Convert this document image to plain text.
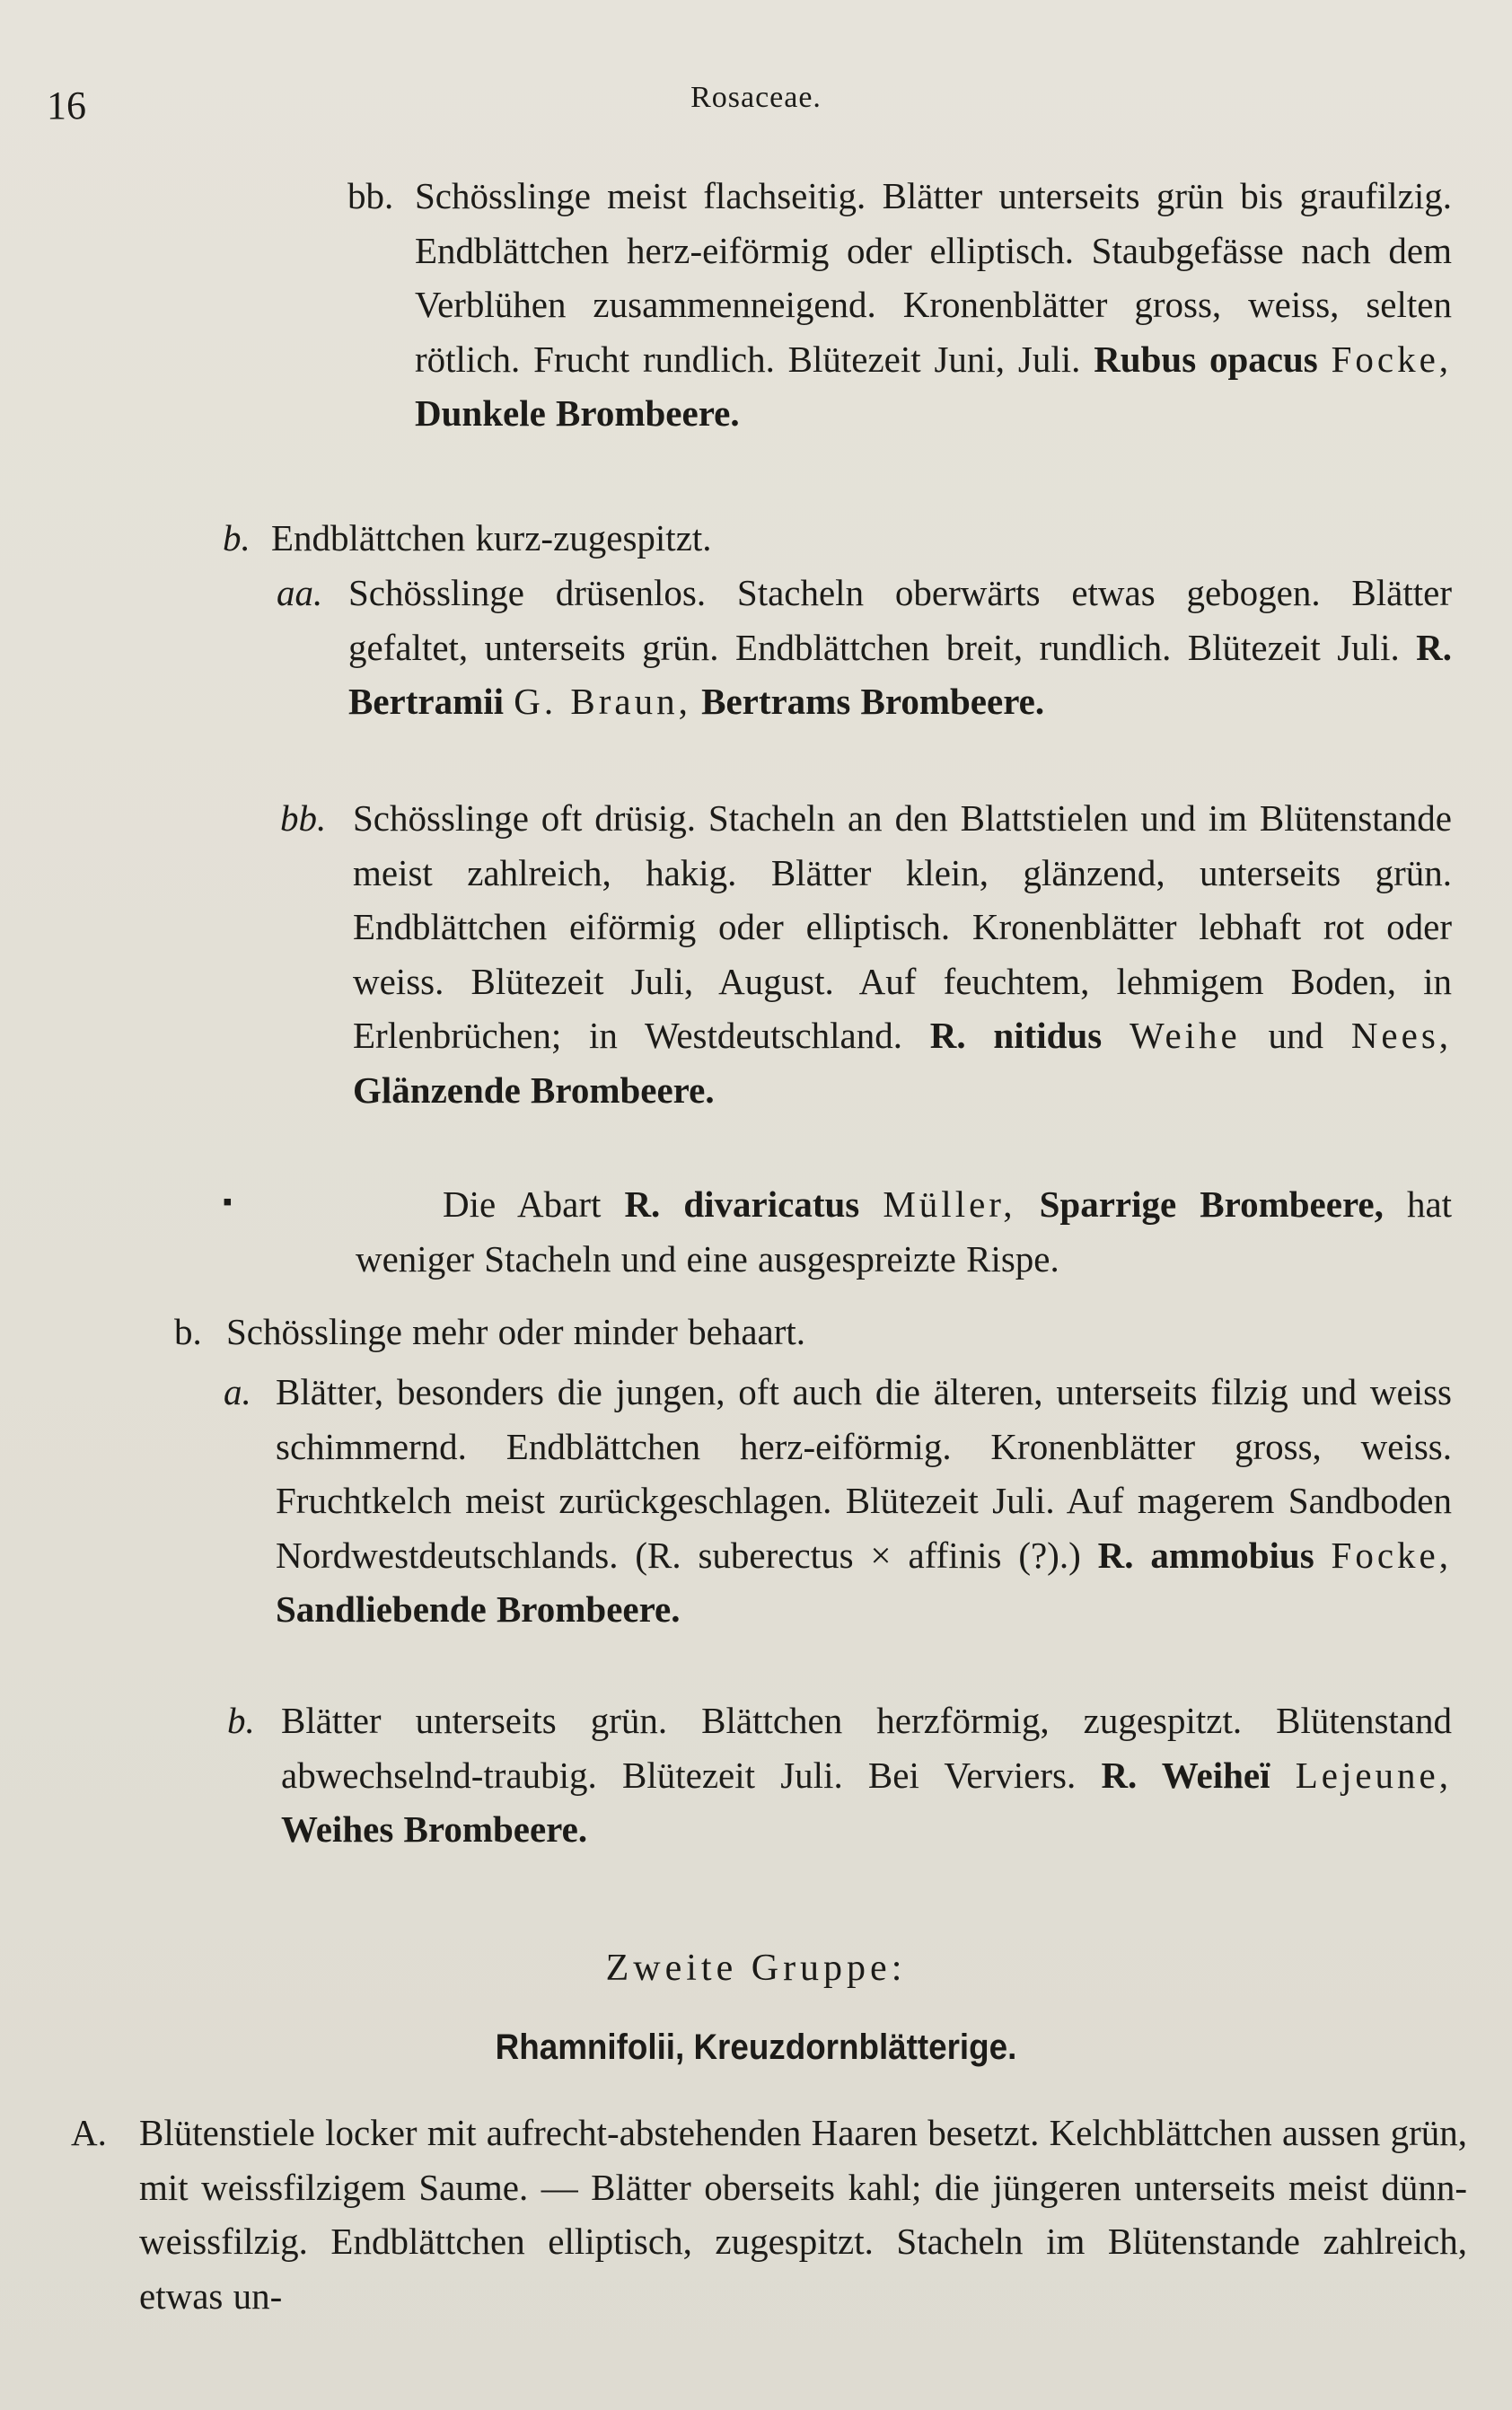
16	Rosaceae.
bb. Schösslinge meist flachseitig. Blätter unterseits grün bis graufilzig. Endblättchen herz-eiförmig oder elliptisch. Staubgefässe nach dem Verblühen zusammenneigend. Kronenblätter gross, weiss, selten rötlich. Frucht rundlich. Blütezeit Juni, Juli. Rubus opacus Focke, Dunkele Brombeere.
b. Endblättchen kurz-zugespitzt.
aa. Schösslinge drüsenlos. Stacheln oberwärts etwas gebogen. Blätter gefaltet, unterseits grün. Endblättchen breit, rundlich. Blütezeit Juli. R. Bertramii G. Braun, Bertrams Brombeere.
bb. Schösslinge oft drüsig. Stacheln an den Blattstielen und im Blütenstande meist zahlreich, hakig. Blätter klein, glänzend, unterseits grün. Endblättchen eiförmig oder elliptisch. Kronenblätter lebhaft rot oder weiss. Blütezeit Juli, August. Auf feuchtem, lehmigem Boden, in Erlenbrüchen; in Westdeutschland. R. nitidus Weihe und Nees, Glänzende Brombeere.
▪	Die Abart R. divaricatus Müller, Sparrige Brombeere, hat weniger Stacheln und eine ausgespreizte Rispe.
b. Schösslinge mehr oder minder behaart.
a. Blätter, besonders die jungen, oft auch die älteren, unterseits filzig und weiss schimmernd. Endblättchen herz-eiförmig. Kronenblätter gross, weiss. Fruchtkelch meist zurückgeschlagen. Blütezeit Juli. Auf magerem Sandboden Nordwestdeutschlands. (R. suberectus × affinis (?).) R. ammobius Focke, Sandliebende Brombeere.
b. Blätter unterseits grün. Blättchen herzförmig, zugespitzt. Blütenstand abwechselnd-traubig. Blütezeit Juli. Bei Verviers. R. Weiheï Lejeune, Weihes Brombeere.
Zweite Gruppe:
Rhamnifolii, Kreuzdornblätterige.
A. Blütenstiele locker mit aufrecht-abstehenden Haaren besetzt. Kelchblättchen aussen grün, mit weissfilzigem Saume. — Blätter oberseits kahl; die jüngeren unterseits meist dünn-weissfilzig. Endblättchen elliptisch, zugespitzt. Stacheln im Blütenstande zahlreich, etwas un-
